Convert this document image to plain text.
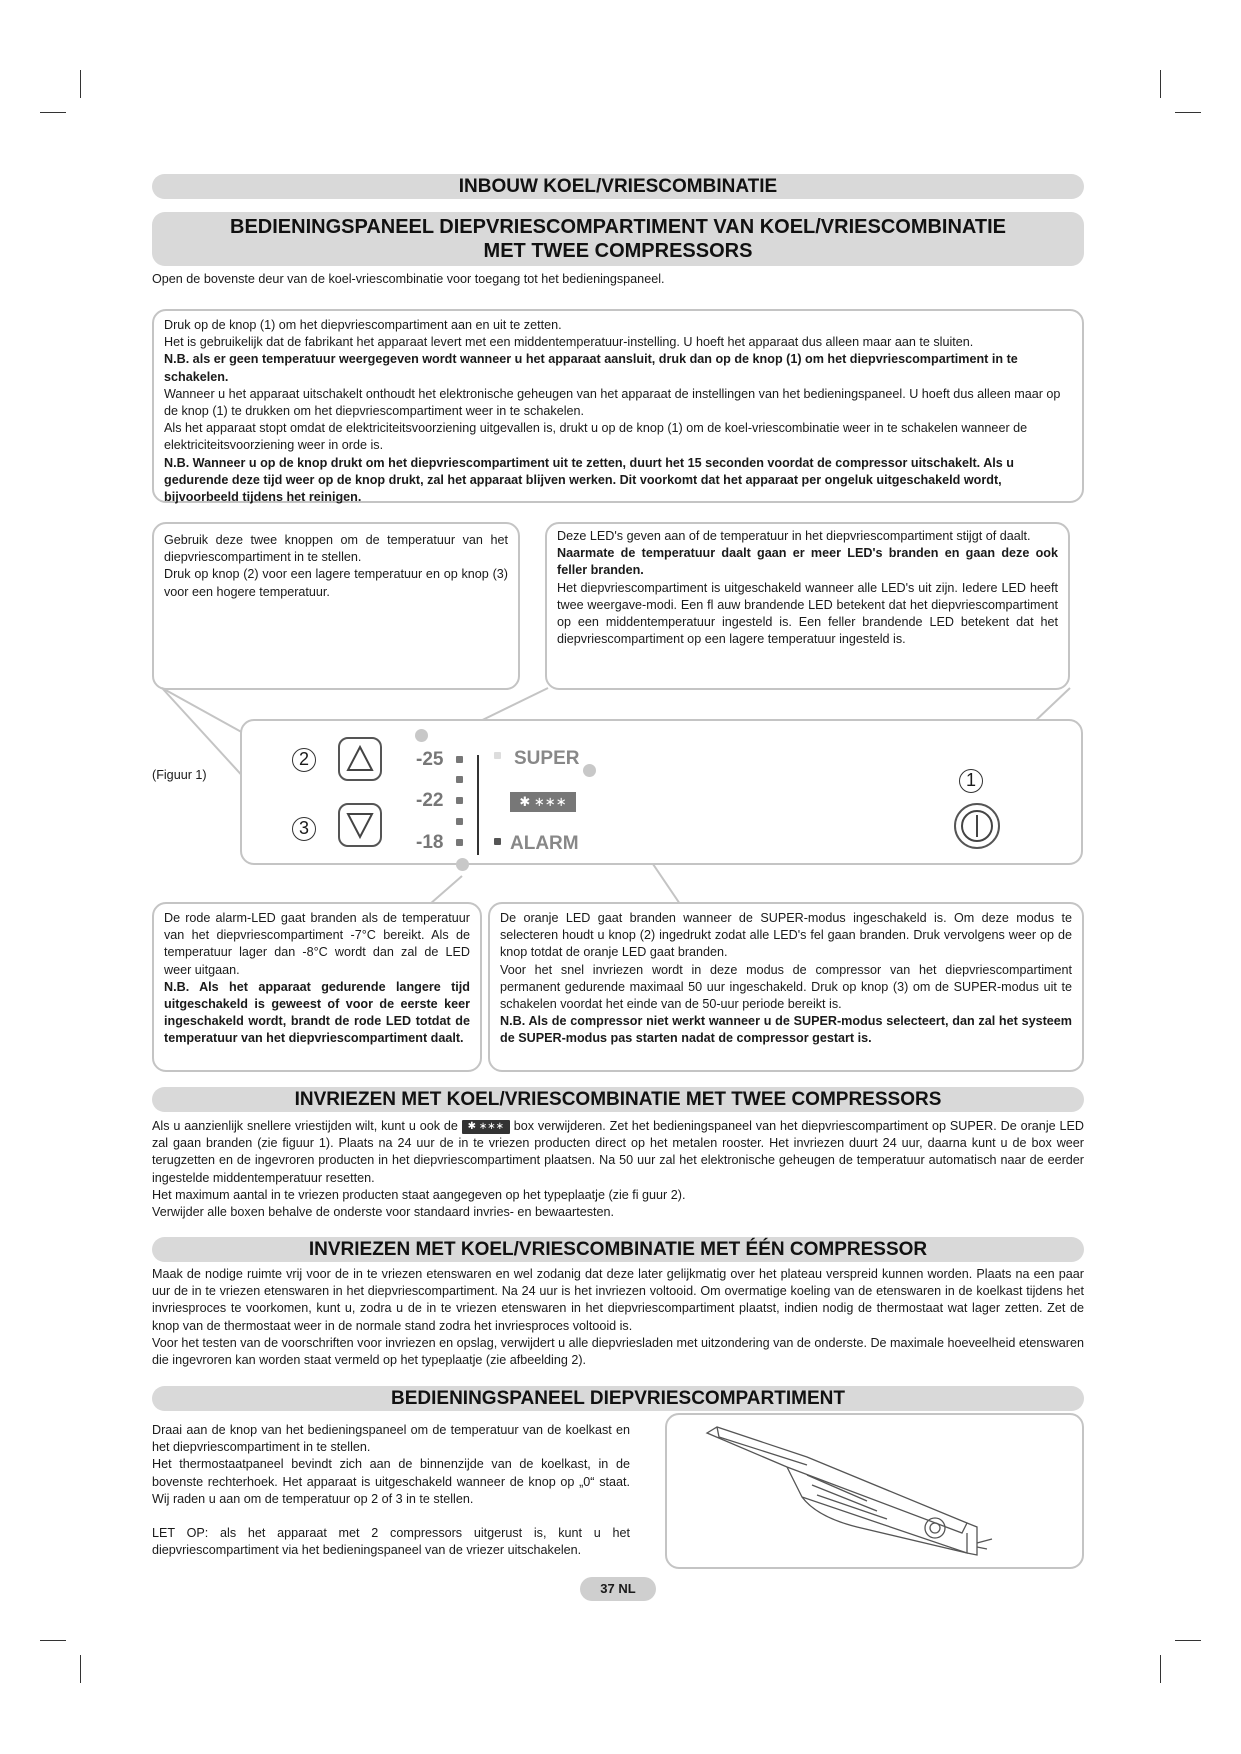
INBOUW KOEL/VRIESCOMBINATIE
BEDIENINGSPANEEL DIEPVRIESCOMPARTIMENT VAN KOEL/VRIESCOMBINATIE
MET TWEE COMPRESSORS
Open de bovenste deur van de koel-vriescombinatie voor toegang tot het bedieningspaneel.

Druk op de knop (1) om het diepvriescompartiment aan en uit te zetten.

Het is gebruikelijk dat de fabrikant het apparaat levert met een middentemperatuur-instelling. U hoeft het apparaat dus alleen maar aan te sluiten.

N.B. als er geen temperatuur weergegeven wordt wanneer u het apparaat aansluit, druk dan op de knop (1) om het diepvriescompartiment in te schakelen.

Wanneer u het apparaat uitschakelt onthoudt het elektronische geheugen van het apparaat de instellingen van het bedieningspaneel. U hoeft dus alleen maar op de knop (1) te drukken om het diepvriescompartiment weer in te schakelen.

Als het apparaat stopt omdat de elektriciteitsvoorziening uitgevallen is, drukt u op de knop (1) om de koel-vriescombinatie weer in te schakelen wanneer de elektriciteitsvoorziening weer in orde is.

N.B. Wanneer u op de knop drukt om het diepvriescompartiment uit te zetten, duurt het 15 seconden voordat de compressor uitschakelt. Als u gedurende deze tijd weer op de knop drukt, zal het apparaat blijven werken. Dit voorkomt dat het apparaat per ongeluk uitgeschakeld wordt, bijvoorbeeld tijdens het reinigen.

Gebruik deze twee knoppen om de temperatuur van het diepvriescompartiment in te stellen.

Druk op knop (2) voor een lagere temperatuur en op knop (3) voor een hogere temperatuur.

Deze LED's geven aan of de temperatuur in het diepvriescompartiment stijgt of daalt.

Naarmate de temperatuur daalt gaan er meer LED's branden en gaan deze ook feller branden.

Het diepvriescompartiment is uitgeschakeld wanneer alle LED's uit zijn. Iedere LED heeft twee weergave-modi. Een fl auw brandende LED betekent dat het diepvriescompartiment op een middentemperatuur ingesteld is. Een feller brandende LED betekent dat het diepvriescompartiment op een lagere temperatuur ingesteld is.

(Figuur 1)
2
3
-25
-22
-18
SUPER
✱ ∗∗∗
ALARM
1

De rode alarm-LED gaat branden als de temperatuur van het diepvriescompartiment -7°C bereikt. Als de temperatuur lager dan -8°C wordt dan zal de LED weer uitgaan.

N.B. Als het apparaat gedurende langere tijd uitgeschakeld is geweest of voor de eerste keer ingeschakeld wordt, brandt de rode LED totdat de temperatuur van het diepvriescompartiment daalt.

De oranje LED gaat branden wanneer de SUPER-modus ingeschakeld is. Om deze modus te selecteren houdt u knop (2) ingedrukt zodat alle LED's fel gaan branden. Druk vervolgens weer op de knop totdat de oranje LED gaat branden.

Voor het snel invriezen wordt in deze modus de compressor van het diepvriescompartiment permanent gedurende maximaal 50 uur ingeschakeld. Druk op knop (3) om de SUPER-modus uit te schakelen voordat het einde van de 50-uur periode bereikt is.

N.B. Als de compressor niet werkt wanneer u de SUPER-modus selecteert, dan zal het systeem de SUPER-modus pas starten nadat de compressor gestart is.

INVRIEZEN MET KOEL/VRIESCOMBINATIE MET TWEE COMPRESSORS

Als u aanzienlijk snellere vriestijden wilt, kunt u ook de ✱ ∗∗∗ box verwijderen. Zet het bedieningspaneel van het diepvriescompartiment op SUPER. De oranje LED zal gaan branden (zie figuur 1). Plaats na 24 uur de in te vriezen producten direct op het metalen rooster. Het invriezen duurt 24 uur, daarna kunt u de box weer terugzetten en de ingevroren producten in het diepvriescompartiment plaatsen. Na 50 uur zal het elektronische geheugen de temperatuur automatisch naar de eerder ingestelde middentemperatuur resetten.

Het maximum aantal in te vriezen producten staat aangegeven op het typeplaatje (zie fi guur 2).

Verwijder alle boxen behalve de onderste voor standaard invries- en bewaartesten.

INVRIEZEN MET KOEL/VRIESCOMBINATIE MET ÉÉN COMPRESSOR

Maak de nodige ruimte vrij voor de in te vriezen etenswaren en wel zodanig dat deze later gelijkmatig over het plateau verspreid kunnen worden. Plaats na een paar uur de in te vriezen etenswaren in het diepvriescompartiment. Na 24 uur is het invriezen voltooid. Om overmatige koeling van de etenswaren in de koelkast tijdens het invriesproces te voorkomen, kunt u, zodra u de in te vriezen etenswaren in het diepvriescompartiment plaatst, indien nodig de thermostaat wat lager zetten. Zet de knop van de thermostaat weer in de normale stand zodra het invriesproces voltooid is.

Voor het testen van de voorschriften voor invriezen en opslag, verwijdert u alle diepvriesladen met uitzondering van de onderste. De maximale hoeveelheid etenswaren die ingevroren kan worden staat vermeld op het typeplaatje (zie afbeelding 2).

BEDIENINGSPANEEL DIEPVRIESCOMPARTIMENT

Draai aan de knop van het bedieningspaneel om de temperatuur van de koelkast en het diepvriescompartiment in te stellen.

Het thermostaatpaneel bevindt zich aan de binnenzijde van de koelkast, in de bovenste rechterhoek. Het apparaat is uitgeschakeld wanneer de knop op „0“ staat. Wij raden u aan om de temperatuur op 2 of 3 in te stellen.

LET OP: als het apparaat met 2 compressors uitgerust is, kunt u het diepvriescompartiment via het bedieningspaneel van de vriezer uitschakelen.

37 NL
